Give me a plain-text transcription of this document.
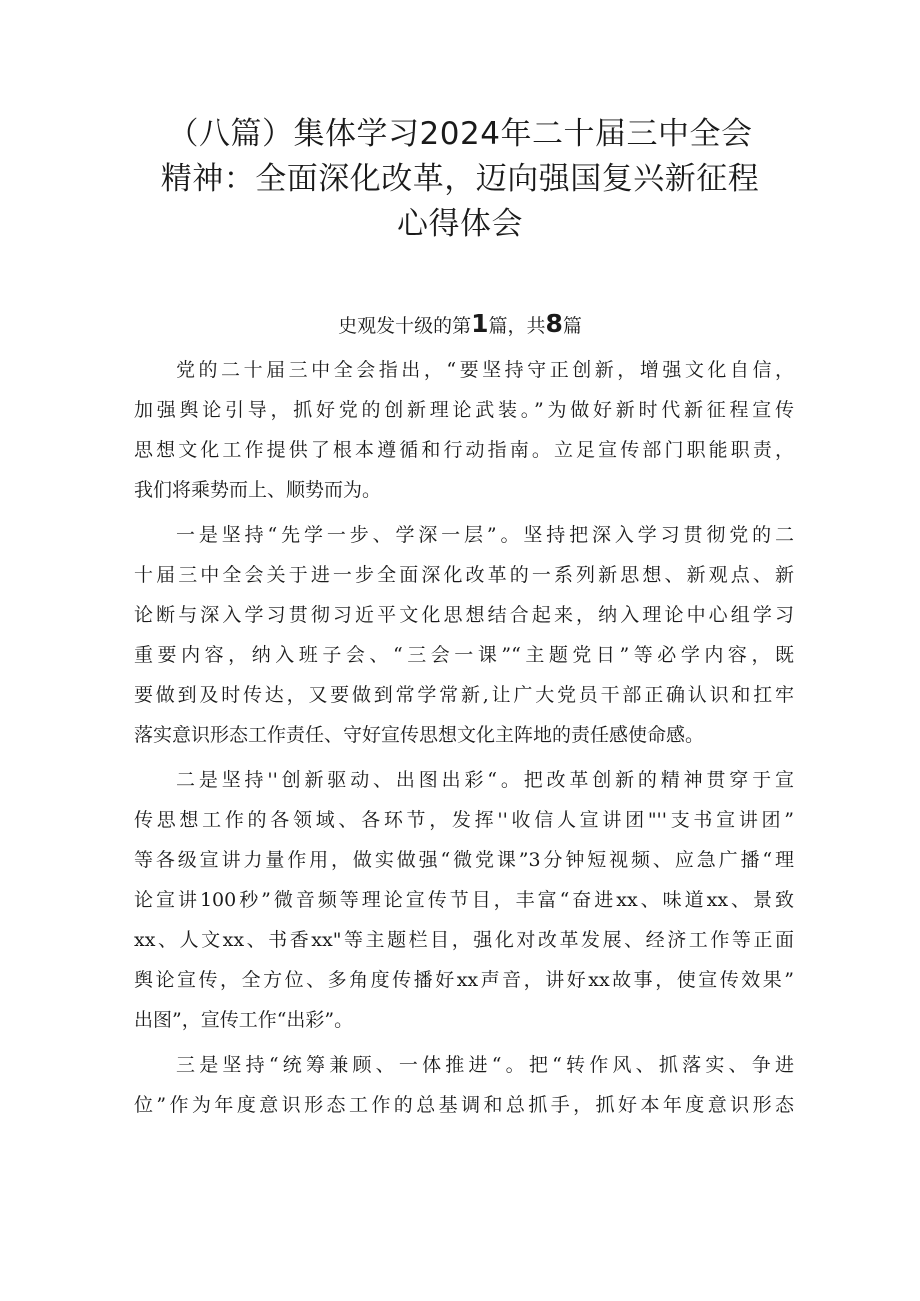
（八篇）集体学习2024年二十届三中全会
精神：全面深化改革，迈向强国复兴新征程
心得体会

史观发十级的第1篇，共8篇

党的二十届三中全会指出，“要坚持守正创新，增强文化自信，
加强舆论引导，抓好党的创新理论武装。”为做好新时代新征程宣传
思想文化工作提供了根本遵循和行动指南。立足宣传部门职能职责，
我们将乘势而上、顺势而为。
一是坚持“先学一步、学深一层”。坚持把深入学习贯彻党的二
十届三中全会关于进一步全面深化改革的一系列新思想、新观点、新
论断与深入学习贯彻习近平文化思想结合起来，纳入理论中心组学习
重要内容，纳入班子会、“三会一课”“主题党日”等必学内容，既
要做到及时传达，又要做到常学常新,让广大党员干部正确认识和扛牢
落实意识形态工作责任、守好宣传思想文化主阵地的责任感使命感。
二是坚持''创新驱动、出图出彩“。把改革创新的精神贯穿于宣
传思想工作的各领域、各环节，发挥''收信人宣讲团"''支书宣讲团”
等各级宣讲力量作用，做实做强“微党课”3分钟短视频、应急广播“理
论宣讲100秒”微音频等理论宣传节目，丰富“奋进xx、味道xx、景致
xx、人文xx、书香xx"等主题栏目，强化对改革发展、经济工作等正面
舆论宣传，全方位、多角度传播好xx声音，讲好xx故事，使宣传效果”
出图”，宣传工作“出彩”。
三是坚持“统筹兼顾、一体推进“。把“转作风、抓落实、争进
位”作为年度意识形态工作的总基调和总抓手，抓好本年度意识形态
